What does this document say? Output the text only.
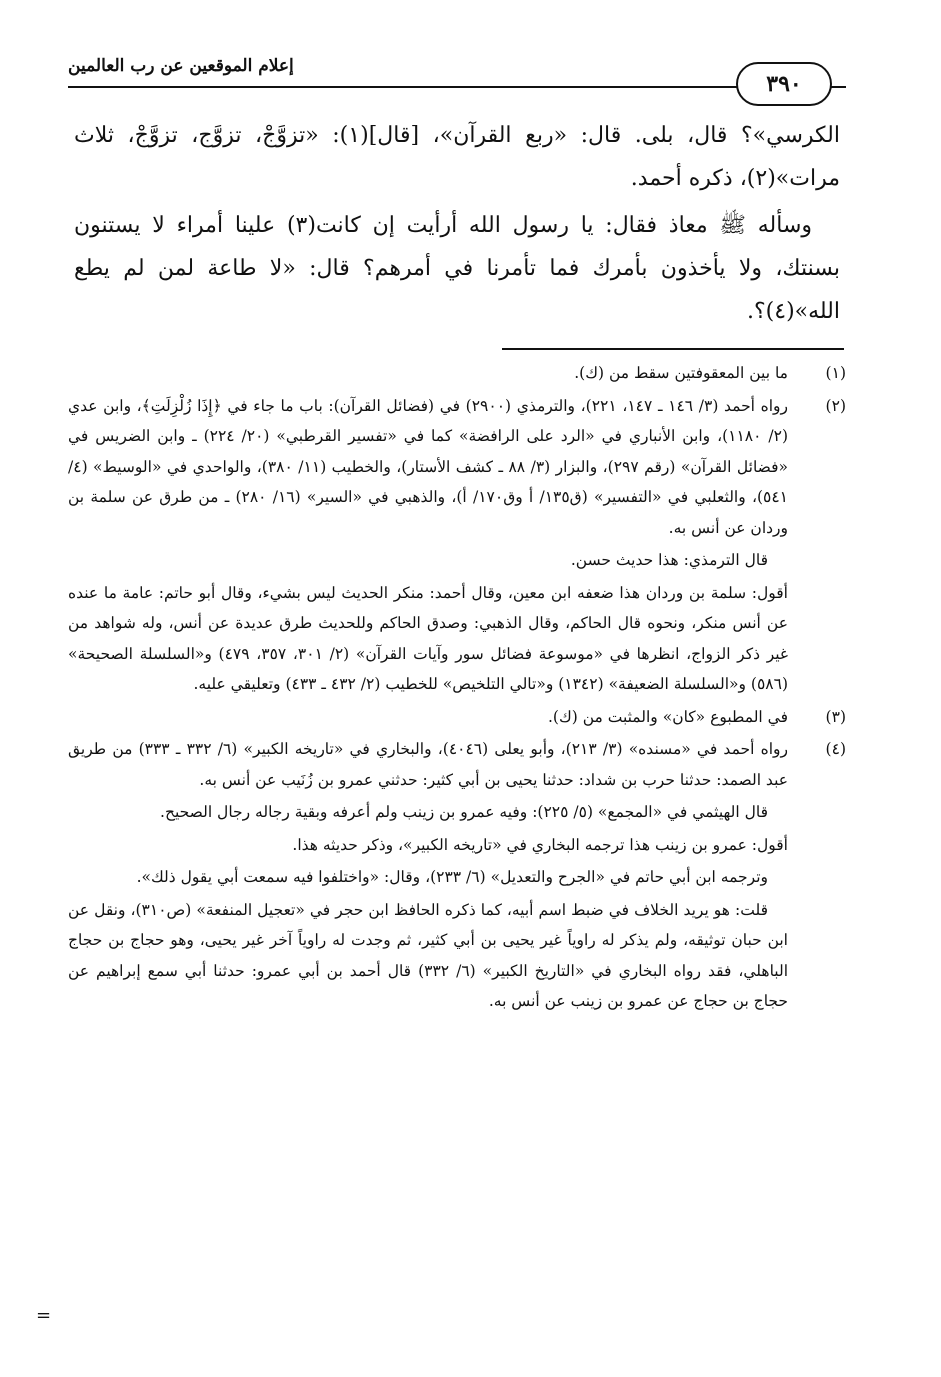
إعلام الموقعين عن رب العالمين
٣٩٠

الكرسي»؟ قال، بلى. قال: «ربع القرآن»، [قال](١): «تزوَّجْ، تزوَّج، تزوَّجْ، ثلاث مرات»(٢)، ذكره أحمد.

وسأله ﷺ معاذ فقال: يا رسول الله أرأيت إن كانت(٣) علينا أمراء لا يستنون بسنتك، ولا يأخذون بأمرك فما تأمرنا في أمرهم؟ قال: «لا طاعة لمن لم يطع الله»(٤)؟.

(١)

ما بين المعقوفتين سقط من (ك).

(٢)

رواه أحمد (٣/ ١٤٦ ـ ١٤٧، ٢٢١)، والترمذي (٢٩٠٠) في (فضائل القرآن): باب ما جاء في ﴿إِذَا زُلْزِلَتِ﴾، وابن عدي (٢/ ١١٨٠)، وابن الأنباري في «الرد على الرافضة» كما في «تفسير القرطبي» (٢٠/ ٢٢٤) ـ وابن الضريس في «فضائل القرآن» (رقم ٢٩٧)، والبزار (٣/ ٨٨ ـ كشف الأستار)، والخطيب (١١/ ٣٨٠)، والواحدي في «الوسيط» (٤/ ٥٤١)، والثعلبي في «التفسير» (ق١٣٥/ أ وق١٧٠/ أ)، والذهبي في «السير» (١٦/ ٢٨٠) ـ من طرق عن سلمة بن وردان عن أنس به.

قال الترمذي: هذا حديث حسن.

أقول: سلمة بن وردان هذا ضعفه ابن معين، وقال أحمد: منكر الحديث ليس بشيء، وقال أبو حاتم: عامة ما عنده عن أنس منكر، ونحوه قال الحاكم، وقال الذهبي: وصدق الحاكم وللحديث طرق عديدة عن أنس، وله شواهد من غير ذكر الزواج، انظرها في «موسوعة فضائل سور وآيات القرآن» (٢/ ٣٠١، ٣٥٧، ٤٧٩) و«السلسلة الصحيحة» (٥٨٦) و«السلسلة الضعيفة» (١٣٤٢) و«تالي التلخيص» للخطيب (٢/ ٤٣٢ ـ ٤٣٣) وتعليقي عليه.

(٣)

في المطبوع «كان» والمثبت من (ك).

(٤)

رواه أحمد في «مسنده» (٣/ ٢١٣)، وأبو يعلى (٤٠٤٦)، والبخاري في «تاريخه الكبير» (٦/ ٣٣٢ ـ ٣٣٣) من طريق عبد الصمد: حدثنا حرب بن شداد: حدثنا يحيى بن أبي كثير: حدثني عمرو بن زُنَيب عن أنس به.

قال الهيثمي في «المجمع» (٥/ ٢٢٥): وفيه عمرو بن زينب ولم أعرفه وبقية رجاله رجال الصحيح.

أقول: عمرو بن زينب هذا ترجمه البخاري في «تاريخه الكبير»، وذكر حديثه هذا.

وترجمه ابن أبي حاتم في «الجرح والتعديل» (٦/ ٢٣٣)، وقال: «واختلفوا فيه سمعت أبي يقول ذلك».

قلت: هو يريد الخلاف في ضبط اسم أبيه، كما ذكره الحافظ ابن حجر في «تعجيل المنفعة» (ص٣١٠)، ونقل عن ابن حبان توثيقه، ولم يذكر له راوياً غير يحيى بن أبي كثير، ثم وجدت له راوياً آخر غير يحيى، وهو حجاج بن حجاج الباهلي، فقد رواه البخاري في «التاريخ الكبير» (٦/ ٣٣٢) قال أحمد بن أبي عمرو: حدثنا أبي سمع إبراهيم عن حجاج بن حجاج عن عمرو بن زينب عن أنس به.

=
